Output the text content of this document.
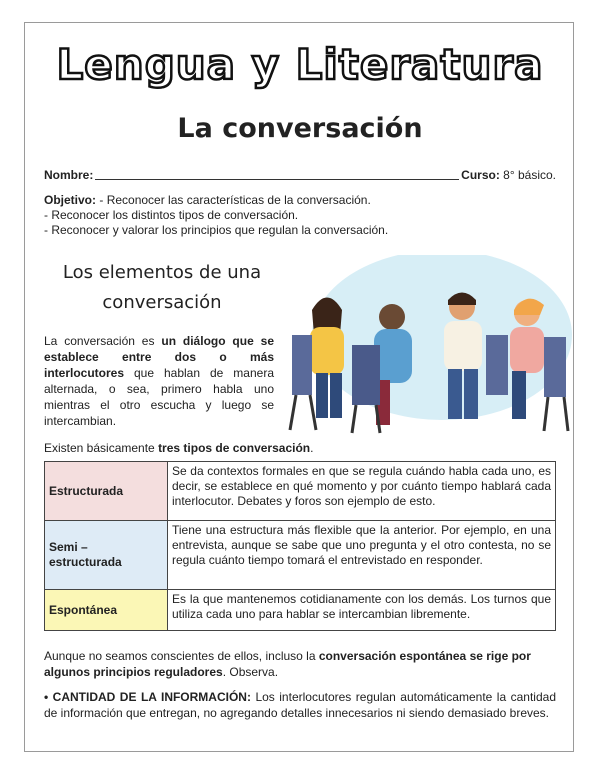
Lengua y Literatura
La conversación
Nombre:	Curso:
8° básico.
Objetivo: - Reconocer las características de la conversación.
- Reconocer los distintos tipos de conversación.
- Reconocer y valorar los principios que regulan la conversación.
Los elementos de una
conversación
La conversación es un diálogo que se establece entre dos o más interlocutores que hablan de manera alternada, o sea, primero habla uno mientras el otro escucha y luego se intercambian.
Existen básicamente tres tipos de conversación.
Estructurada	Se da contextos formales en que se regula cuándo habla cada uno, es decir, se establece en qué momento y por cuánto tiempo hablará cada interlocutor. Debates y foros son ejemplo de esto.
Semi – estructurada	Tiene una estructura más flexible que la anterior. Por ejemplo, en una entrevista, aunque se sabe que uno pregunta y el otro contesta, no se regula cuánto tiempo tomará el entrevistado en responder.
Espontánea	Es la que mantenemos cotidianamente con los demás. Los turnos que utiliza cada uno para hablar se intercambian libremente.
Aunque no seamos conscientes de ellos, incluso la conversación espontánea se rige por algunos principios reguladores. Observa.
• CANTIDAD DE LA INFORMACIÓN: Los interlocutores regulan automáticamente la cantidad de información que entregan, no agregando detalles innecesarios ni siendo demasiado breves.
